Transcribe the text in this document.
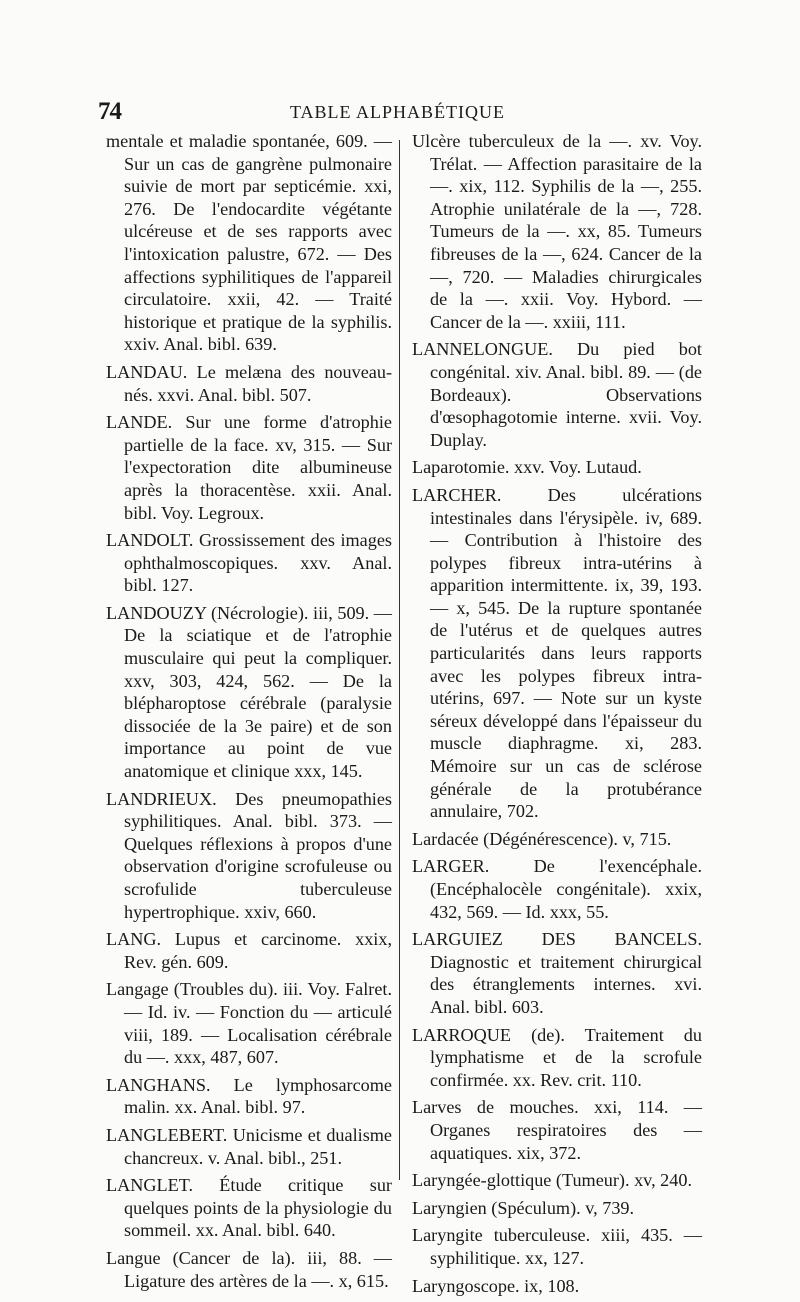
74	TABLE ALPHABÉTIQUE

mentale et maladie spontanée, 609. — Sur un cas de gangrène pulmonaire suivie de mort par septicémie. xxi, 276. De l'endocardite végétante ulcéreuse et de ses rapports avec l'intoxication palustre, 672. — Des affections syphilitiques de l'appareil circulatoire. xxii, 42. — Traité historique et pratique de la syphilis. xxiv. Anal. bibl. 639.

LANDAU. Le melæna des nouveau-nés. xxvi. Anal. bibl. 507.

LANDE. Sur une forme d'atrophie partielle de la face. xv, 315. — Sur l'expectoration dite albumineuse après la thoracentèse. xxii. Anal. bibl. Voy. Legroux.

LANDOLT. Grossissement des images ophthalmoscopiques. xxv. Anal. bibl. 127.

LANDOUZY (Nécrologie). iii, 509. — De la sciatique et de l'atrophie musculaire qui peut la compliquer. xxv, 303, 424, 562. — De la blépharoptose cérébrale (paralysie dissociée de la 3e paire) et de son importance au point de vue anatomique et clinique xxx, 145.

LANDRIEUX. Des pneumopathies syphilitiques. Anal. bibl. 373. — Quelques réflexions à propos d'une observation d'origine scrofuleuse ou scrofulide tuberculeuse hypertrophique. xxiv, 660.

LANG. Lupus et carcinome. xxix, Rev. gén. 609.

Langage (Troubles du). iii. Voy. Falret. — Id. iv. — Fonction du — articulé viii, 189. — Localisation cérébrale du —. xxx, 487, 607.

LANGHANS. Le lymphosarcome malin. xx. Anal. bibl. 97.

LANGLEBERT. Unicisme et dualisme chancreux. v. Anal. bibl., 251.

LANGLET. Étude critique sur quelques points de la physiologie du sommeil. xx. Anal. bibl. 640.

Langue (Cancer de la). iii, 88. — Ligature des artères de la —. x, 615.

Ulcère tuberculeux de la —. xv. Voy. Trélat. — Affection parasitaire de la —. xix, 112. Syphilis de la —, 255. Atrophie unilatérale de la —, 728. Tumeurs de la —. xx, 85. Tumeurs fibreuses de la —, 624. Cancer de la —, 720. — Maladies chirurgicales de la —. xxii. Voy. Hybord. — Cancer de la —. xxiii, 111.

LANNELONGUE. Du pied bot congénital. xiv. Anal. bibl. 89. — (de Bordeaux). Observations d'œsophagotomie interne. xvii. Voy. Duplay.

Laparotomie. xxv. Voy. Lutaud.

LARCHER. Des ulcérations intestinales dans l'érysipèle. iv, 689. — Contribution à l'histoire des polypes fibreux intra-utérins à apparition intermittente. ix, 39, 193. — x, 545. De la rupture spontanée de l'utérus et de quelques autres particularités dans leurs rapports avec les polypes fibreux intra-utérins, 697. — Note sur un kyste séreux développé dans l'épaisseur du muscle diaphragme. xi, 283. Mémoire sur un cas de sclérose générale de la protubérance annulaire, 702.

Lardacée (Dégénérescence). v, 715.

LARGER. De l'exencéphale. (Encéphalocèle congénitale). xxix, 432, 569. — Id. xxx, 55.

LARGUIEZ DES BANCELS. Diagnostic et traitement chirurgical des étranglements internes. xvi. Anal. bibl. 603.

LARROQUE (de). Traitement du lymphatisme et de la scrofule confirmée. xx. Rev. crit. 110.

Larves de mouches. xxi, 114. — Organes respiratoires des — aquatiques. xix, 372.

Laryngée-glottique (Tumeur). xv, 240.

Laryngien (Spéculum). v, 739.

Laryngite tuberculeuse. xiii, 435. — syphilitique. xx, 127.

Laryngoscope. ix, 108.
